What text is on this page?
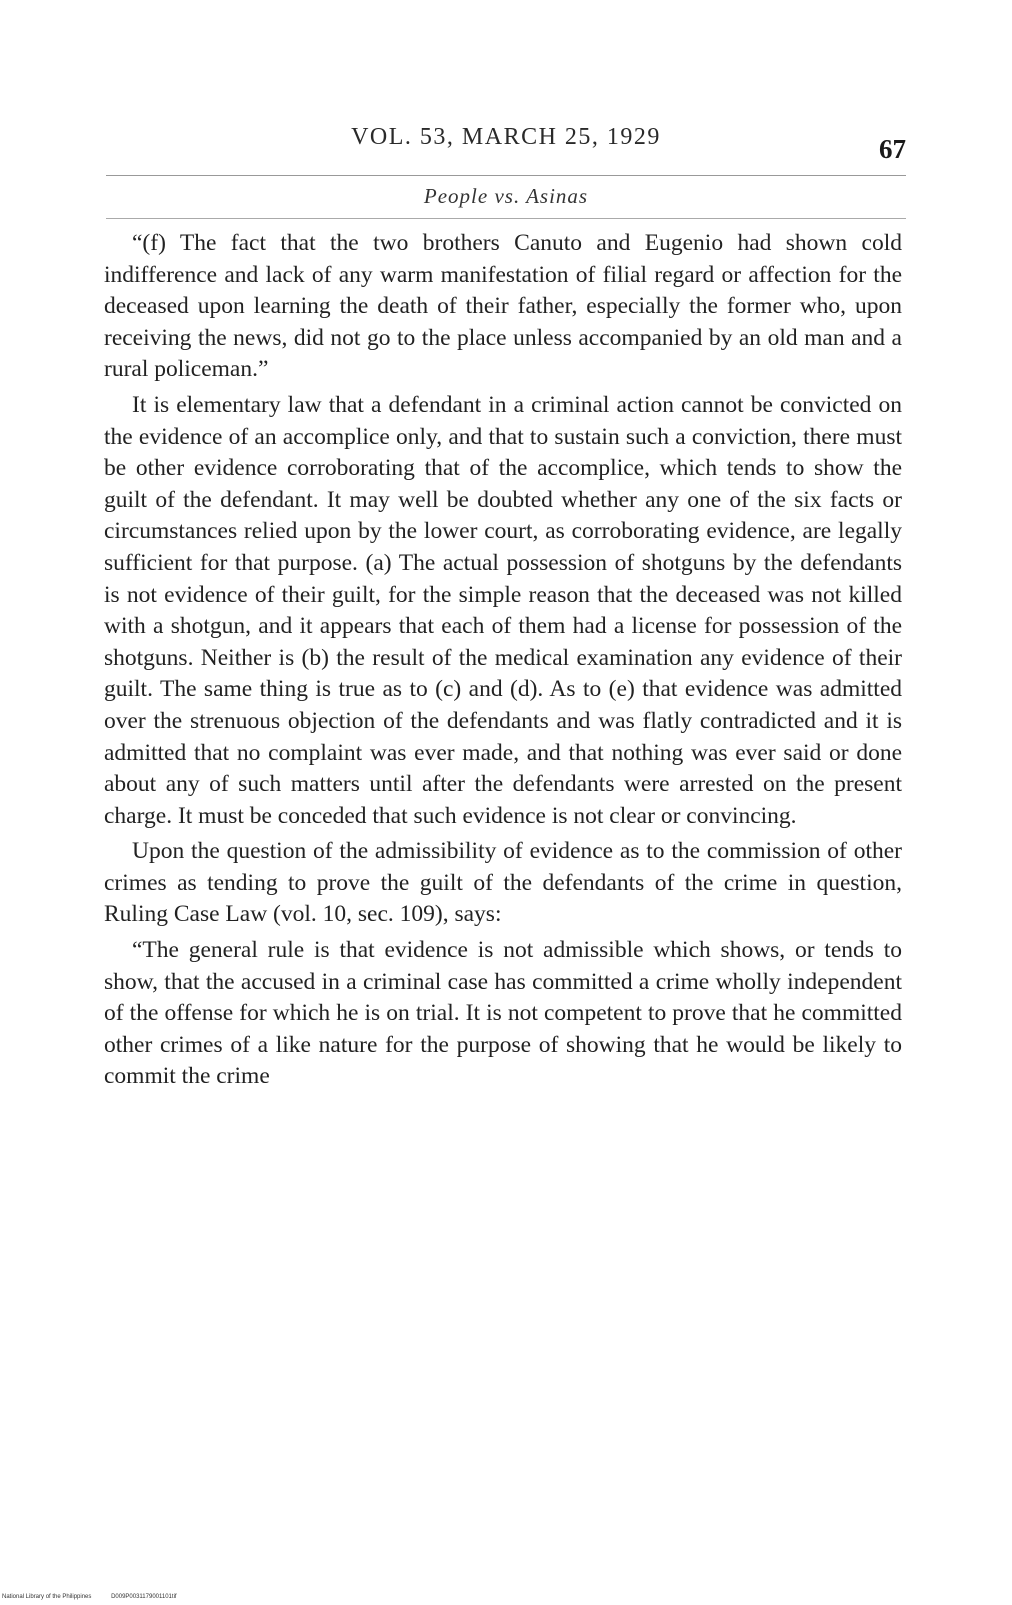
VOL. 53, MARCH 25, 1929	67
People vs. Asinas

“(f) The fact that the two brothers Canuto and Eugenio had shown cold indifference and lack of any warm manifestation of filial regard or affection for the deceased upon learning the death of their father, especially the former who, upon receiving the news, did not go to the place unless accompanied by an old man and a rural policeman.”

It is elementary law that a defendant in a criminal action cannot be convicted on the evidence of an accomplice only, and that to sustain such a conviction, there must be other evidence corroborating that of the accomplice, which tends to show the guilt of the defendant. It may well be doubted whether any one of the six facts or circumstances relied upon by the lower court, as corroborating evidence, are legally sufficient for that purpose. (a) The actual possession of shotguns by the defendants is not evidence of their guilt, for the simple reason that the deceased was not killed with a shotgun, and it appears that each of them had a license for possession of the shotguns. Neither is (b) the result of the medical examination any evidence of their guilt. The same thing is true as to (c) and (d). As to (e) that evidence was admitted over the strenuous objection of the defendants and was flatly contradicted and it is admitted that no complaint was ever made, and that nothing was ever said or done about any of such matters until after the defendants were arrested on the present charge. It must be conceded that such evidence is not clear or convincing.

Upon the question of the admissibility of evidence as to the commission of other crimes as tending to prove the guilt of the defendants of the crime in question, Ruling Case Law (vol. 10, sec. 109), says:

“The general rule is that evidence is not admissible which shows, or tends to show, that the accused in a criminal case has committed a crime wholly independent of the offense for which he is on trial. It is not competent to prove that he committed other crimes of a like nature for the purpose of showing that he would be likely to commit the crime

National Library of the Philippines	D009P0031179001101tif
